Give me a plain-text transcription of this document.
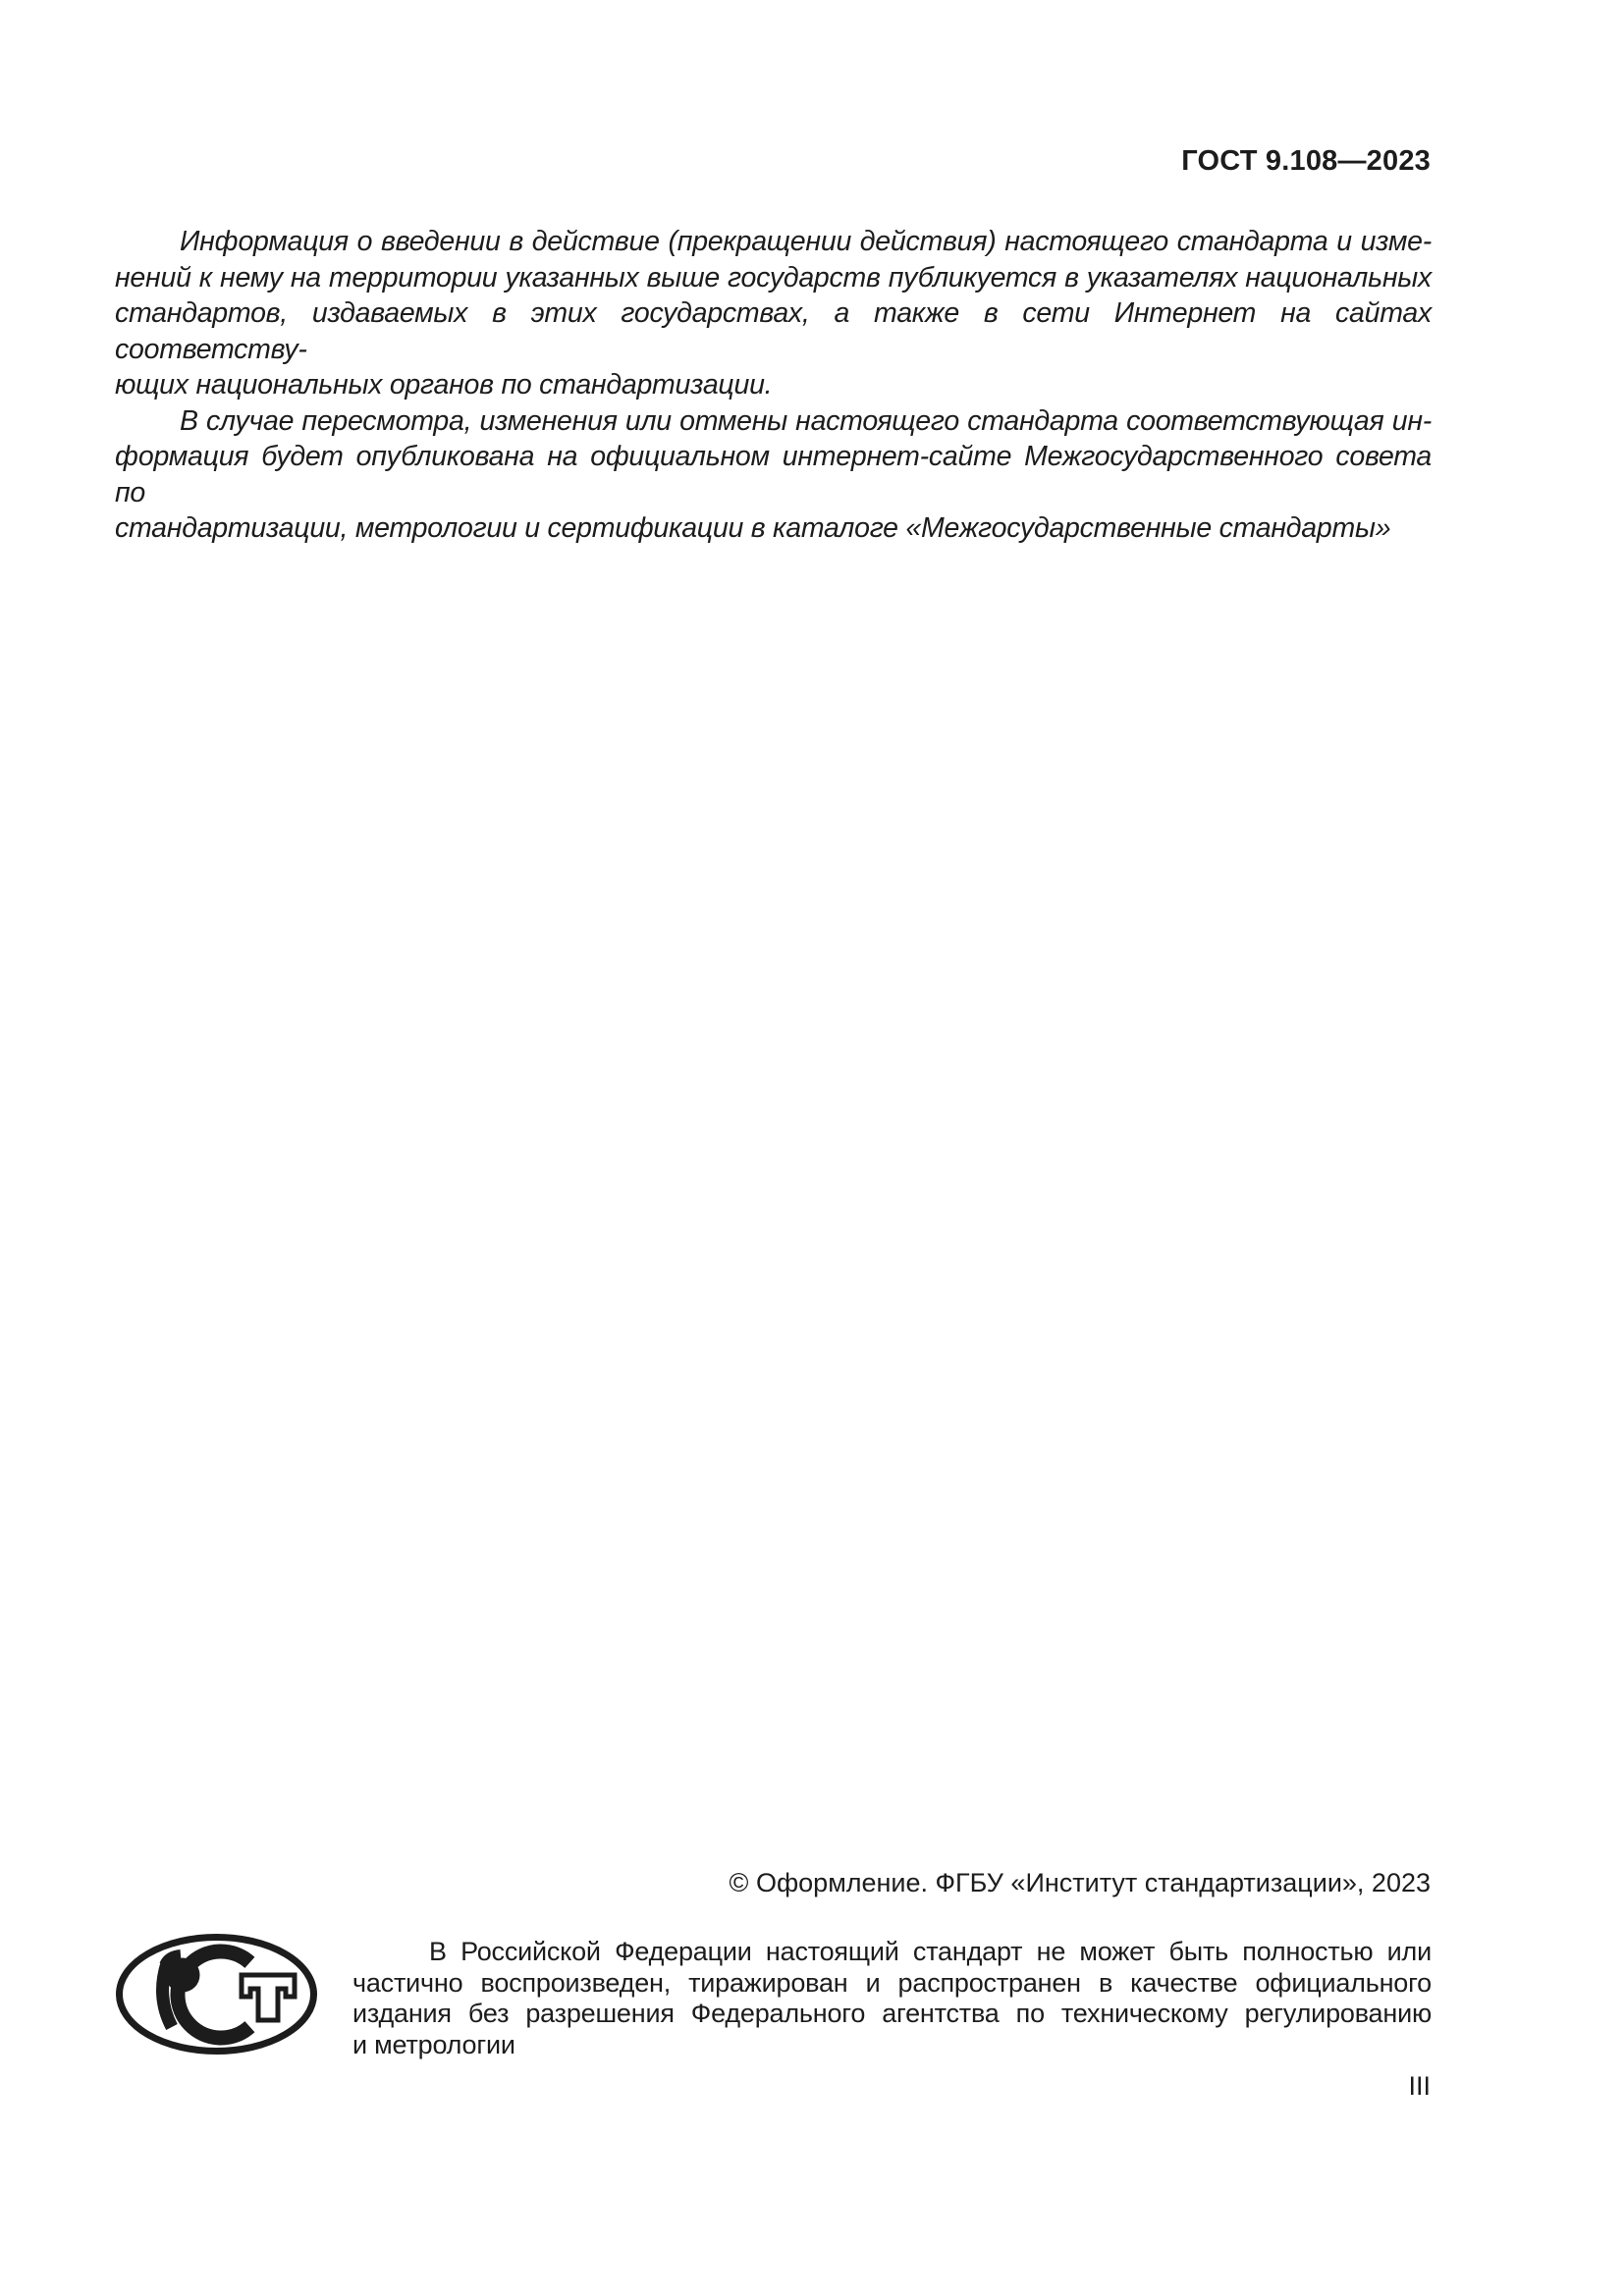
ГОСТ 9.108—2023
Информация о введении в действие (прекращении действия) настоящего стандарта и изме-
нений к нему на территории указанных выше государств публикуется в указателях национальных
стандартов, издаваемых в этих государствах, а также в сети Интернет на сайтах соответству-
ющих национальных органов по стандартизации.
В случае пересмотра, изменения или отмены настоящего стандарта соответствующая ин-
формация будет опубликована на официальном интернет-сайте Межгосударственного совета по
стандартизации, метрологии и сертификации в каталоге «Межгосударственные стандарты»
© Оформление. ФГБУ «Институт стандартизации», 2023
В Российской Федерации настоящий стандарт не может быть полностью или
частично воспроизведен, тиражирован и распространен в качестве официального
издания без разрешения Федерального агентства по техническому регулированию
и метрологии
III
